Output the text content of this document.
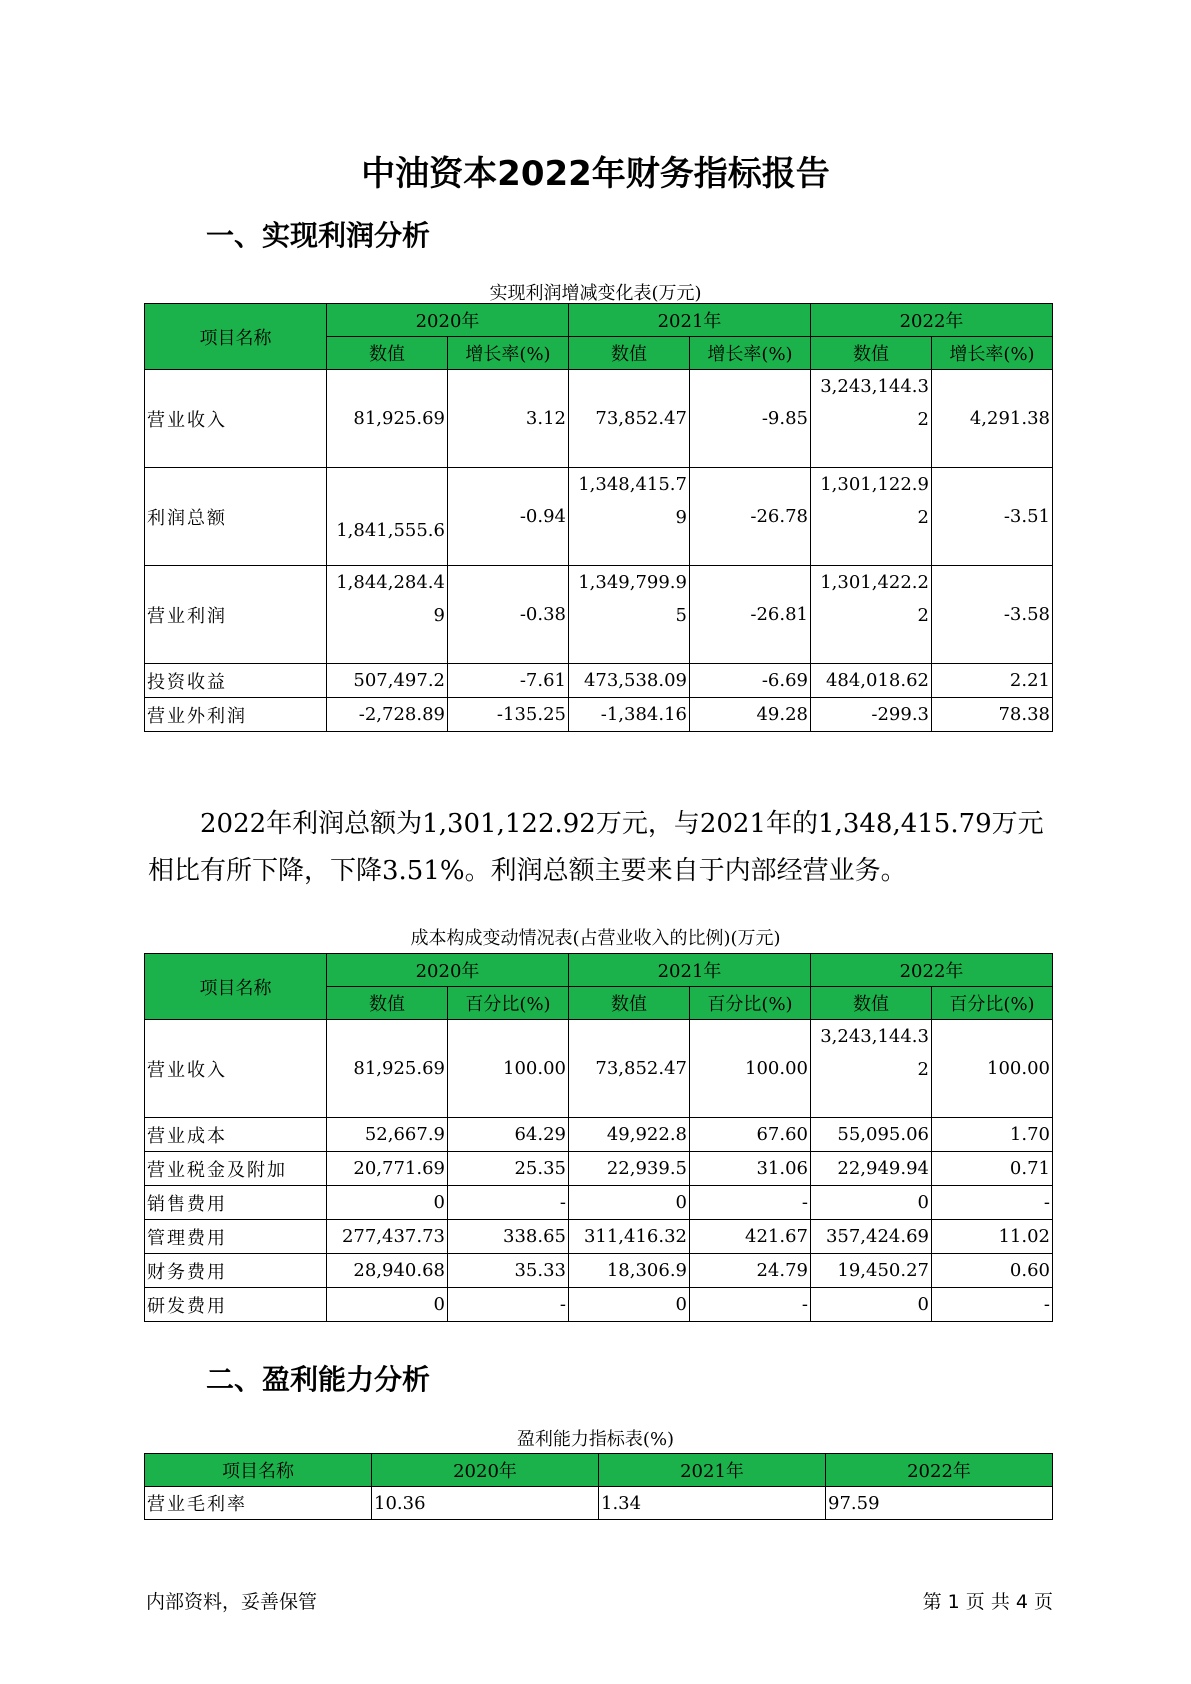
中油资本2022年财务指标报告
一、实现利润分析
实现利润增减变化表(万元)
项目名称	2020年		2021年		2022年	
	数值	增长率(%)	数值	增长率(%)	数值	增长率(%)
营业收入	81,925.69	3.12	73,852.47	-9.85	3,243,144.32	4,291.38
利润总额	1,841,555.6	-0.94	1,348,415.79	-26.78	1,301,122.92	-3.51
营业利润	1,844,284.49	-0.38	1,349,799.95	-26.81	1,301,422.22	-3.58
投资收益	507,497.2	-7.61	473,538.09	-6.69	484,018.62	2.21
营业外利润	-2,728.89	-135.25	-1,384.16	49.28	-299.3	78.38
2022年利润总额为1,301,122.92万元，与2021年的1,348,415.79万元相比有所下降，下降3.51%。利润总额主要来自于内部经营业务。
成本构成变动情况表(占营业收入的比例)(万元)
项目名称	2020年		2021年		2022年	
	数值	百分比(%)	数值	百分比(%)	数值	百分比(%)
营业收入	81,925.69	100.00	73,852.47	100.00	3,243,144.32	100.00
营业成本	52,667.9	64.29	49,922.8	67.60	55,095.06	1.70
营业税金及附加	20,771.69	25.35	22,939.5	31.06	22,949.94	0.71
销售费用	0	-	0	-	0	-
管理费用	277,437.73	338.65	311,416.32	421.67	357,424.69	11.02
财务费用	28,940.68	35.33	18,306.9	24.79	19,450.27	0.60
研发费用	0	-	0	-	0	-
二、盈利能力分析
盈利能力指标表(%)
项目名称	2020年	2021年	2022年
营业毛利率	10.36	1.34	97.59
内部资料，妥善保管	第 1 页 共 4 页
